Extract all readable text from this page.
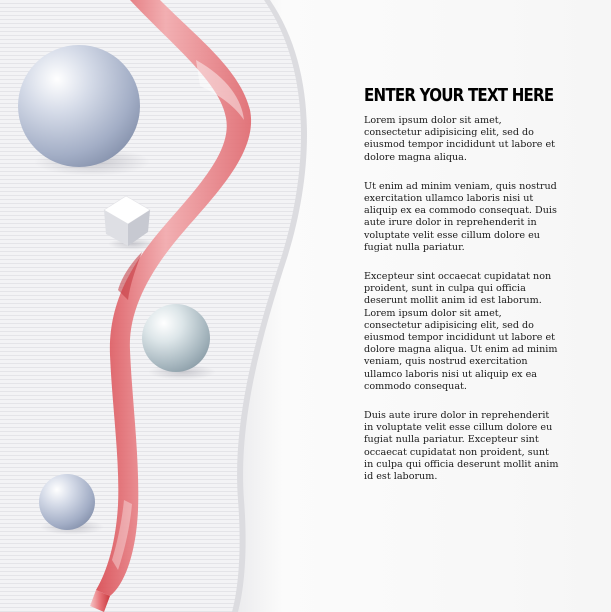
ENTER YOUR TEXT HERE

Lorem ipsum dolor sit amet, consectetur adipisicing elit, sed do eiusmod tempor incididunt ut labore et dolore magna aliqua.

Ut enim ad minim veniam, quis nostrud exercitation ullamco laboris nisi ut aliquip ex ea commodo consequat. Duis aute irure dolor in reprehenderit in voluptate velit esse cillum dolore eu fugiat nulla pariatur.

Excepteur sint occaecat cupidatat non proident, sunt in culpa qui officia deserunt mollit anim id est laborum. Lorem ipsum dolor sit amet, consectetur adipisicing elit, sed do eiusmod tempor incididunt ut labore et dolore magna aliqua. Ut enim ad minim veniam, quis nostrud exercitation ullamco laboris nisi ut aliquip ex ea commodo consequat.

Duis aute irure dolor in reprehenderit in voluptate velit esse cillum dolore eu fugiat nulla pariatur. Excepteur sint occaecat cupidatat non proident, sunt in culpa qui officia deserunt mollit anim id est laborum.
